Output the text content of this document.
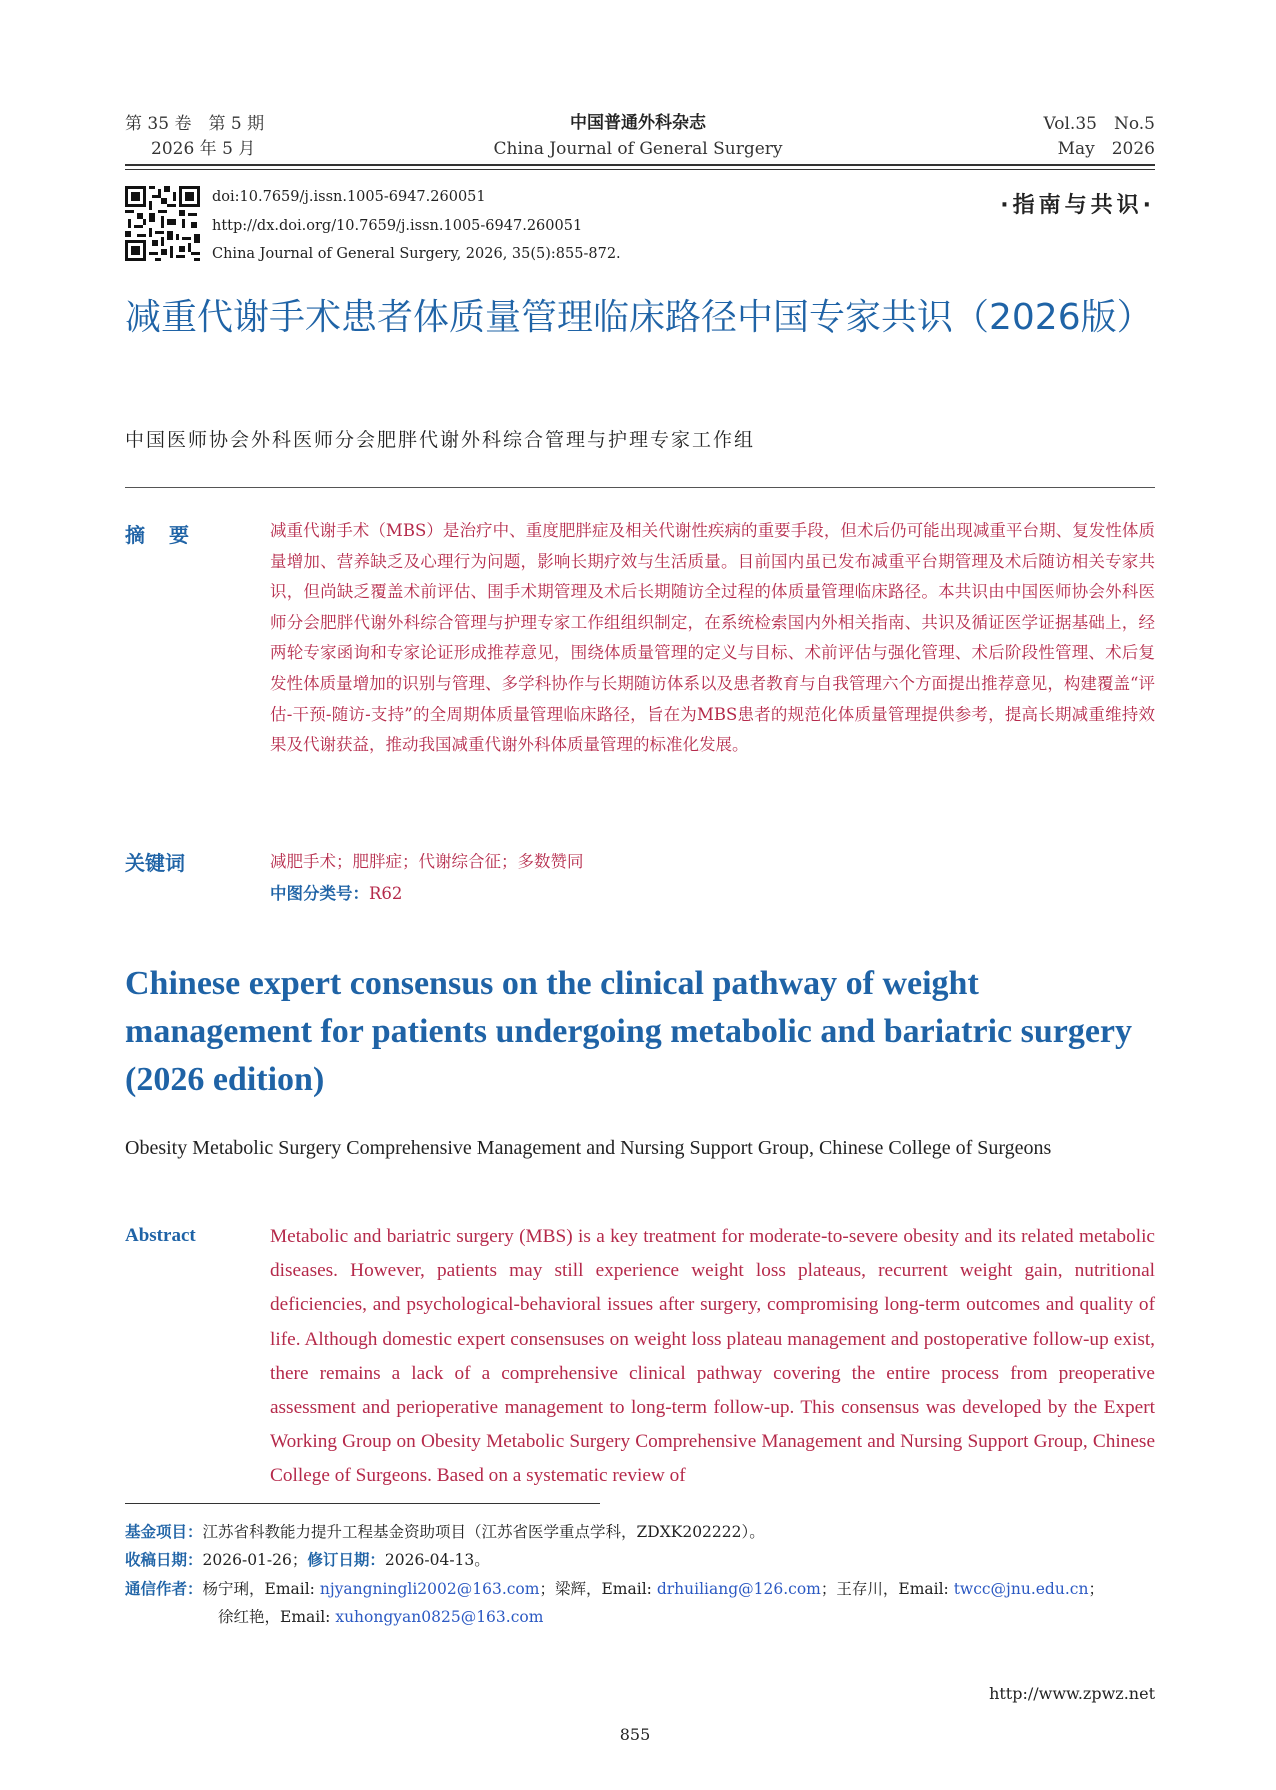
第 35 卷　第 5 期
2026 年 5 月
中国普通外科杂志
China Journal of General Surgery
Vol.35　No.5
May　2026
doi:10.7659/j.issn.1005-6947.260051
http://dx.doi.org/10.7659/j.issn.1005-6947.260051
China Journal of General Surgery, 2026, 35(5):855-872.
·指南与共识·
减重代谢手术患者体质量管理临床路径中国专家共识（2026版）
中国医师协会外科医师分会肥胖代谢外科综合管理与护理专家工作组
摘要	减重代谢手术（MBS）是治疗中、重度肥胖症及相关代谢性疾病的重要手段，但术后仍可能出现减重平台期、复发性体质量增加、营养缺乏及心理行为问题，影响长期疗效与生活质量。目前国内虽已发布减重平台期管理及术后随访相关专家共识，但尚缺乏覆盖术前评估、围手术期管理及术后长期随访全过程的体质量管理临床路径。本共识由中国医师协会外科医师分会肥胖代谢外科综合管理与护理专家工作组组织制定，在系统检索国内外相关指南、共识及循证医学证据基础上，经两轮专家函询和专家论证形成推荐意见，围绕体质量管理的定义与目标、术前评估与强化管理、术后阶段性管理、术后复发性体质量增加的识别与管理、多学科协作与长期随访体系以及患者教育与自我管理六个方面提出推荐意见，构建覆盖“评估-干预-随访-支持”的全周期体质量管理临床路径，旨在为MBS患者的规范化体质量管理提供参考，提高长期减重维持效果及代谢获益，推动我国减重代谢外科体质量管理的标准化发展。
关键词	减肥手术；肥胖症；代谢综合征；多数赞同
中图分类号：R62
Chinese expert consensus on the clinical pathway of weight management for patients undergoing metabolic and bariatric surgery (2026 edition)
Obesity Metabolic Surgery Comprehensive Management and Nursing Support Group, Chinese College of Surgeons
Abstract	Metabolic and bariatric surgery (MBS) is a key treatment for moderate-to-severe obesity and its related metabolic diseases. However, patients may still experience weight loss plateaus, recurrent weight gain, nutritional deficiencies, and psychological-behavioral issues after surgery, compromising long-term outcomes and quality of life. Although domestic expert consensuses on weight loss plateau management and postoperative follow-up exist, there remains a lack of a comprehensive clinical pathway covering the entire process from preoperative assessment and perioperative management to long-term follow-up. This consensus was developed by the Expert Working Group on Obesity Metabolic Surgery Comprehensive Management and Nursing Support Group, Chinese College of Surgeons. Based on a systematic review of
基金项目：江苏省科教能力提升工程基金资助项目（江苏省医学重点学科，ZDXK202222）。
收稿日期：2026-01-26；修订日期：2026-04-13。
通信作者：杨宁琍，Email: njyangningli2002@163.com；梁辉，Email: drhuiliang@126.com；王存川，Email: twcc@jnu.edu.cn；
徐红艳，Email: xuhongyan0825@163.com
http://www.zpwz.net
855
